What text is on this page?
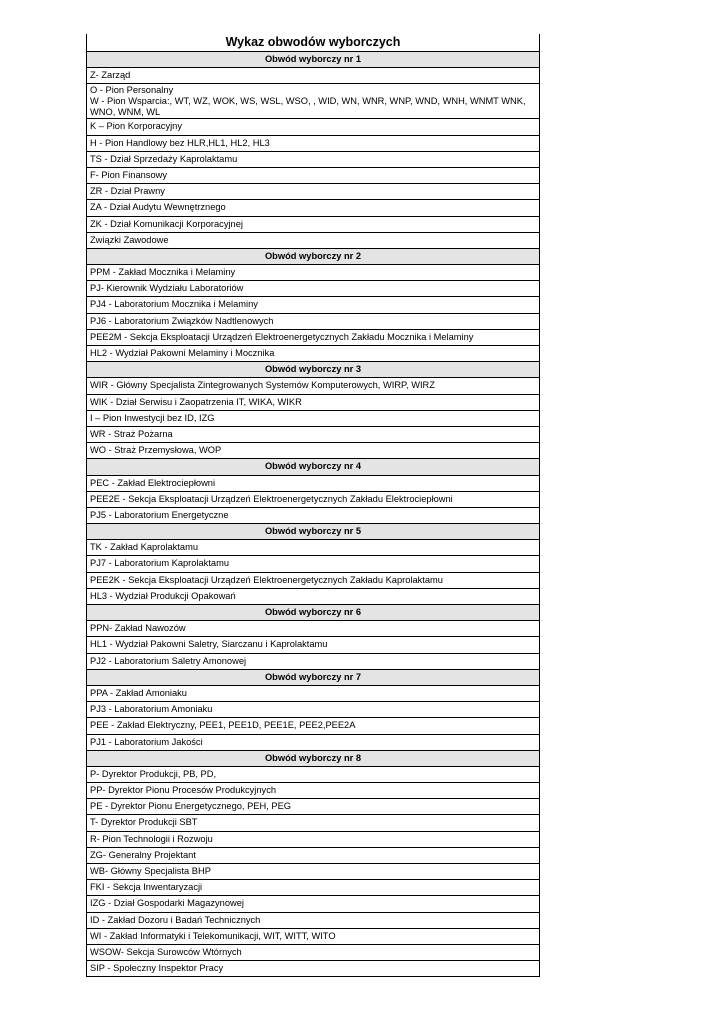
Wykaz obwodów wyborczych
Obwód wyborczy nr 1
Z- Zarząd
O - Pion Personalny
W - Pion Wsparcia:, WT, WZ, WOK, WS, WSL, WSO, , WID, WN, WNR, WNP, WND, WNH, WNMT WNK, WNO, WNM, WL
K – Pion Korporacyjny
H - Pion Handlowy bez HLR,HL1, HL2, HL3
TS - Dział Sprzedaży Kaprolaktamu
F- Pion Finansowy
ZR - Dział Prawny
ZA - Dział Audytu Wewnętrznego
ZK - Dział Komunikacji Korporacyjnej
Związki Zawodowe
Obwód wyborczy nr 2
PPM - Zakład Mocznika i Melaminy
PJ- Kierownik Wydziału Laboratoriów
PJ4 - Laboratorium Mocznika i Melaminy
PJ6 - Laboratorium Związków Nadtlenowych
PEE2M - Sekcja Eksploatacji Urządzeń Elektroenergetycznych Zakładu Mocznika i Melaminy
HL2 - Wydział Pakowni Melaminy i Mocznika
Obwód wyborczy nr 3
WIR - Główny Specjalista Zintegrowanych Systemów Komputerowych, WIRP, WIRZ
WIK - Dział Serwisu i Zaopatrzenia IT, WIKA, WIKR
I – Pion Inwestycji bez ID, IZG
WR - Straż Pożarna
WO - Straż Przemysłowa, WOP
Obwód wyborczy nr 4
PEC - Zakład Elektrociepłowni
PEE2E - Sekcja Eksploatacji Urządzeń Elektroenergetycznych Zakładu Elektrociepłowni
PJ5 - Laboratorium Energetyczne
Obwód wyborczy nr 5
TK - Zakład Kaprolaktamu
PJ7 - Laboratorium Kaprolaktamu
PEE2K - Sekcja Eksploatacji Urządzeń Elektroenergetycznych Zakładu Kaprolaktamu
HL3 - Wydział Produkcji Opakowań
Obwód wyborczy nr 6
PPN- Zakład Nawozów
HL1 - Wydział Pakowni Saletry, Siarczanu i Kaprolaktamu
PJ2 - Laboratorium Saletry Amonowej
Obwód wyborczy nr 7
PPA - Zakład Amoniaku
PJ3 - Laboratorium Amoniaku
PEE - Zakład Elektryczny, PEE1, PEE1D, PEE1E, PEE2,PEE2A
PJ1 - Laboratorium Jakości
Obwód wyborczy nr 8
P- Dyrektor Produkcji, PB, PD,
PP- Dyrektor Pionu Procesów Produkcyjnych
PE - Dyrektor Pionu Energetycznego, PEH, PEG
T- Dyrektor Produkcji SBT
R- Pion Technologii i Rozwoju
ZG- Generalny Projektant
WB- Główny Specjalista BHP
FKI - Sekcja Inwentaryzacji
IZG - Dział Gospodarki Magazynowej
ID - Zakład Dozoru i Badań Technicznych
WI - Zakład Informatyki i Telekomunikacji, WIT, WITT, WITO
WSOW- Sekcja Surowców Wtórnych
SIP - Społeczny Inspektor Pracy
